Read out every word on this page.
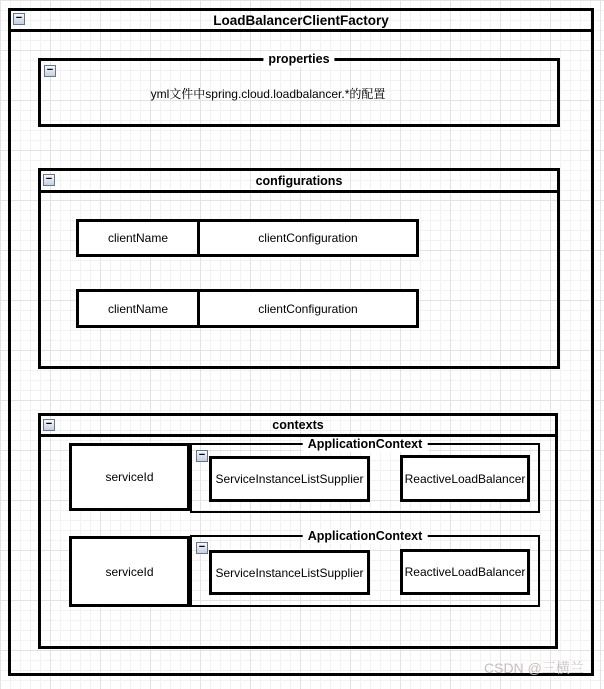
LoadBalancerClientFactory
−
properties
−
yml文件中spring.cloud.loadbalancer.*的配置
configurations
−
clientName	clientConfiguration
clientName	clientConfiguration
contexts
−
serviceId
ApplicationContext
−
ServiceInstanceListSupplier	ReactiveLoadBalancer
serviceId
ApplicationContext
−
ServiceInstanceListSupplier	ReactiveLoadBalancer
CSDN @三横兰
